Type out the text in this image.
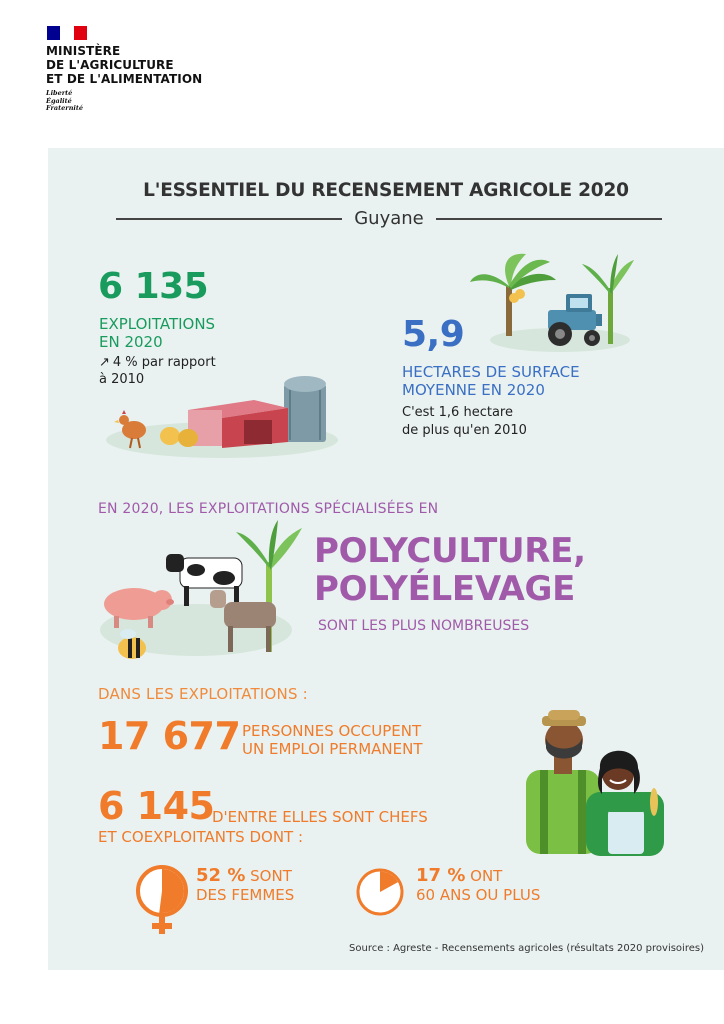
MINISTÈRE
DE L'AGRICULTURE
ET DE L'ALIMENTATION
Liberté
Égalité
Fraternité
L'ESSENTIEL DU RECENSEMENT AGRICOLE 2020
Guyane
6 135
EXPLOITATIONS
EN 2020
↗ 4 % par rapport
à 2010
5,9
HECTARES DE SURFACE
MOYENNE EN 2020
C'est 1,6 hectare
de plus qu'en 2010
EN 2020, LES EXPLOITATIONS SPÉCIALISÉES EN
POLYCULTURE,
POLYÉLEVAGE
SONT LES PLUS NOMBREUSES
DANS LES EXPLOITATIONS :
17 677 PERSONNES OCCUPENT
UN EMPLOI PERMANENT
6 145
D'ENTRE ELLES SONT CHEFS
ET COEXPLOITANTS DONT :
52 % SONT
DES FEMMES
17 % ONT
60 ANS OU PLUS
Source : Agreste - Recensements agricoles (résultats 2020 provisoires)
